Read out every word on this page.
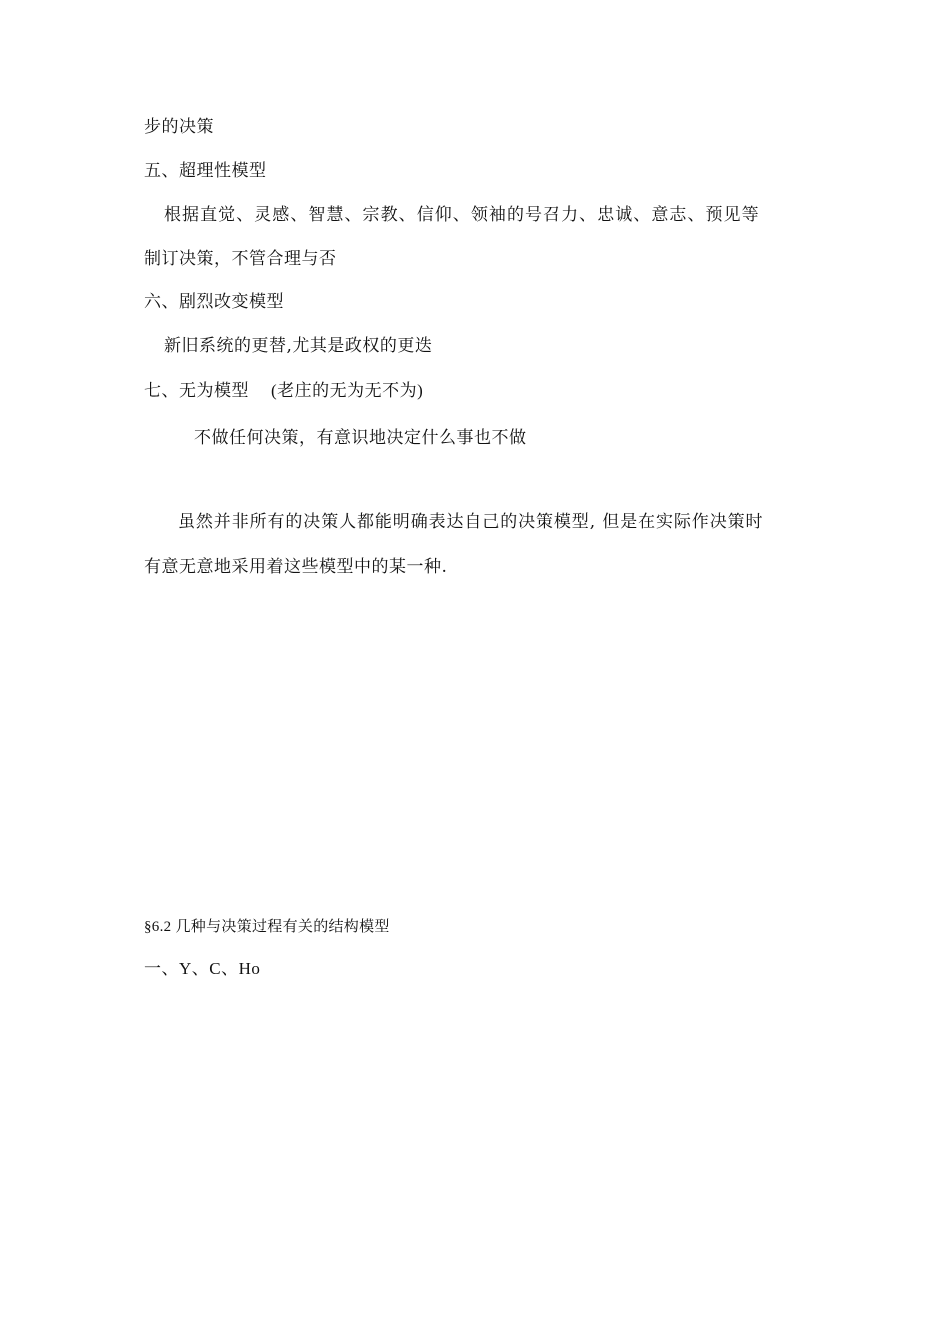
步的决策
五、超理性模型
根据直觉、灵感、智慧、宗教、信仰、领袖的号召力、忠诚、意志、预见等
制订决策，不管合理与否
六、剧烈改变模型
新旧系统的更替,尤其是政权的更迭
七、无为模型 (老庄的无为无不为)
不做任何决策，有意识地决定什么事也不做
虽然并非所有的决策人都能明确表达自己的决策模型, 但是在实际作决策时
有意无意地采用着这些模型中的某一种.
§6.2 几种与决策过程有关的结构模型
一、Y、C、Ho
